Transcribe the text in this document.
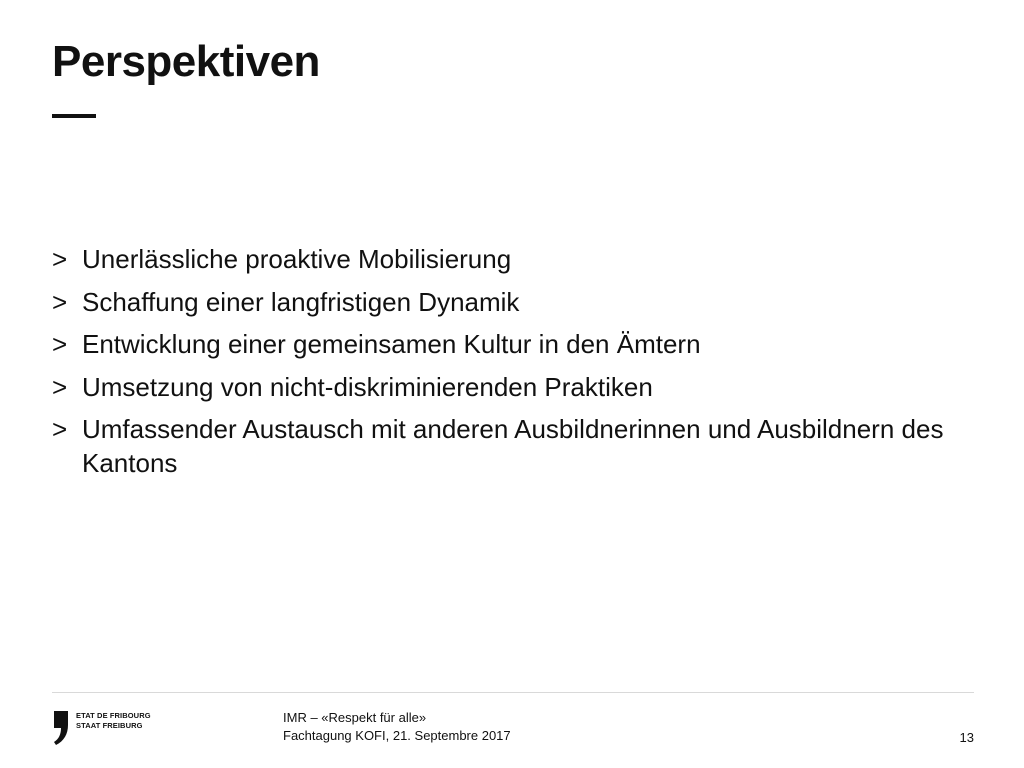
Perspektiven
> Unerlässliche proaktive Mobilisierung
> Schaffung einer langfristigen Dynamik
> Entwicklung einer gemeinsamen Kultur in den Ämtern
> Umsetzung von nicht-diskriminierenden Praktiken
> Umfassender Austausch mit anderen Ausbildnerinnen und Ausbildnern des Kantons
ETAT DE FRIBOURG
STAAT FREIBURG
IMR – «Respekt für alle»
Fachtagung KOFI, 21. Septembre 2017	13
